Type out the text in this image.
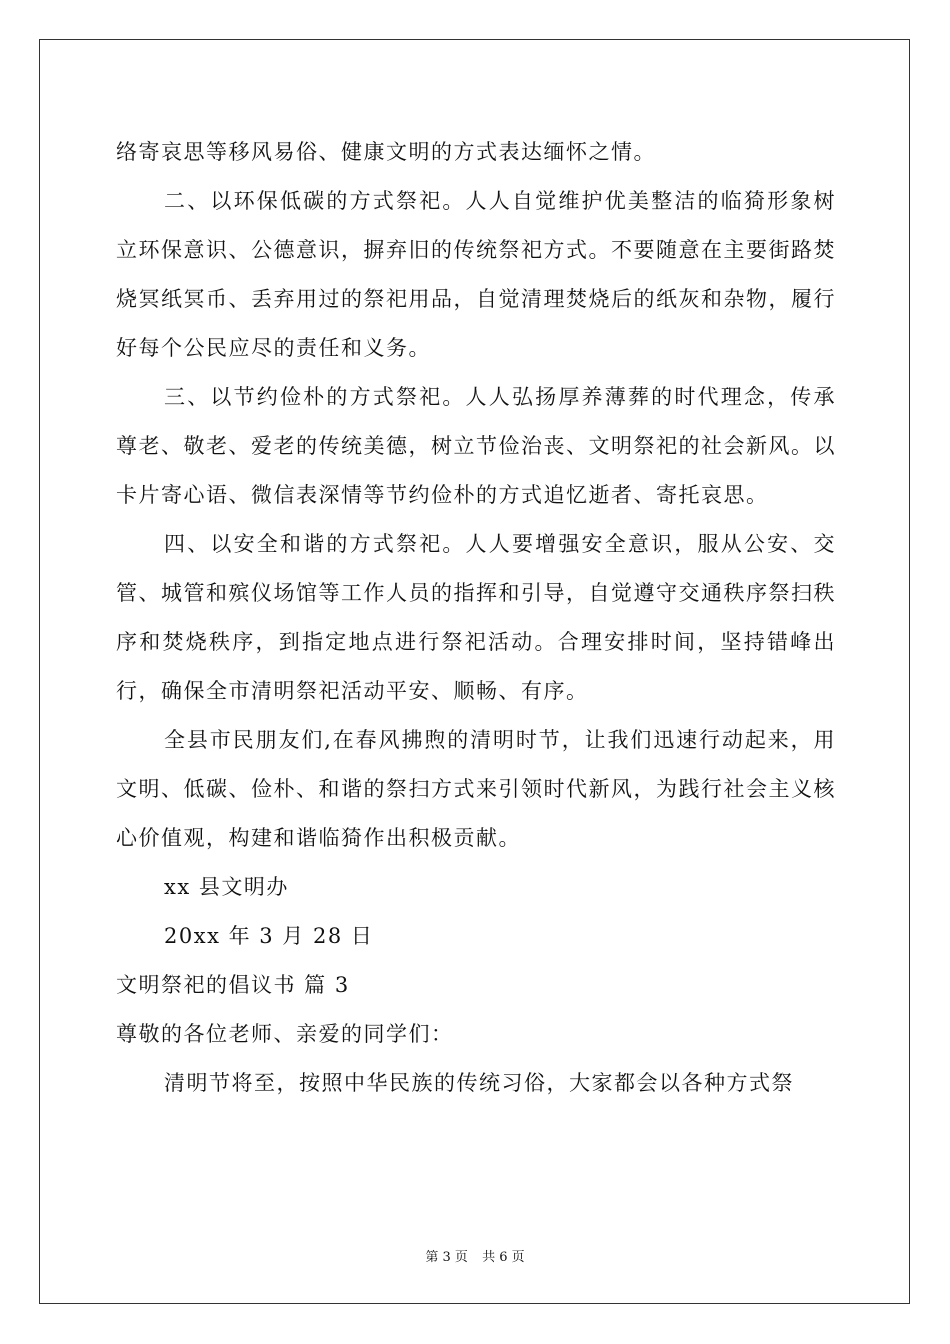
络寄哀思等移风易俗、健康文明的方式表达缅怀之情。

二、以环保低碳的方式祭祀。人人自觉维护优美整洁的临猗形象树立环保意识、公德意识，摒弃旧的传统祭祀方式。不要随意在主要街路焚烧冥纸冥币、丢弃用过的祭祀用品，自觉清理焚烧后的纸灰和杂物，履行好每个公民应尽的责任和义务。

三、以节约俭朴的方式祭祀。人人弘扬厚养薄葬的时代理念，传承尊老、敬老、爱老的传统美德，树立节俭治丧、文明祭祀的社会新风。以卡片寄心语、微信表深情等节约俭朴的方式追忆逝者、寄托哀思。

四、以安全和谐的方式祭祀。人人要增强安全意识，服从公安、交管、城管和殡仪场馆等工作人员的指挥和引导，自觉遵守交通秩序祭扫秩序和焚烧秩序，到指定地点进行祭祀活动。合理安排时间，坚持错峰出行，确保全市清明祭祀活动平安、顺畅、有序。

全县市民朋友们,在春风拂煦的清明时节，让我们迅速行动起来，用文明、低碳、俭朴、和谐的祭扫方式来引领时代新风，为践行社会主义核心价值观，构建和谐临猗作出积极贡献。

xx 县文明办

20xx 年 3 月 28 日

文明祭祀的倡议书 篇 3

尊敬的各位老师、亲爱的同学们：

清明节将至，按照中华民族的传统习俗，大家都会以各种方式祭

第 3 页 共 6 页
